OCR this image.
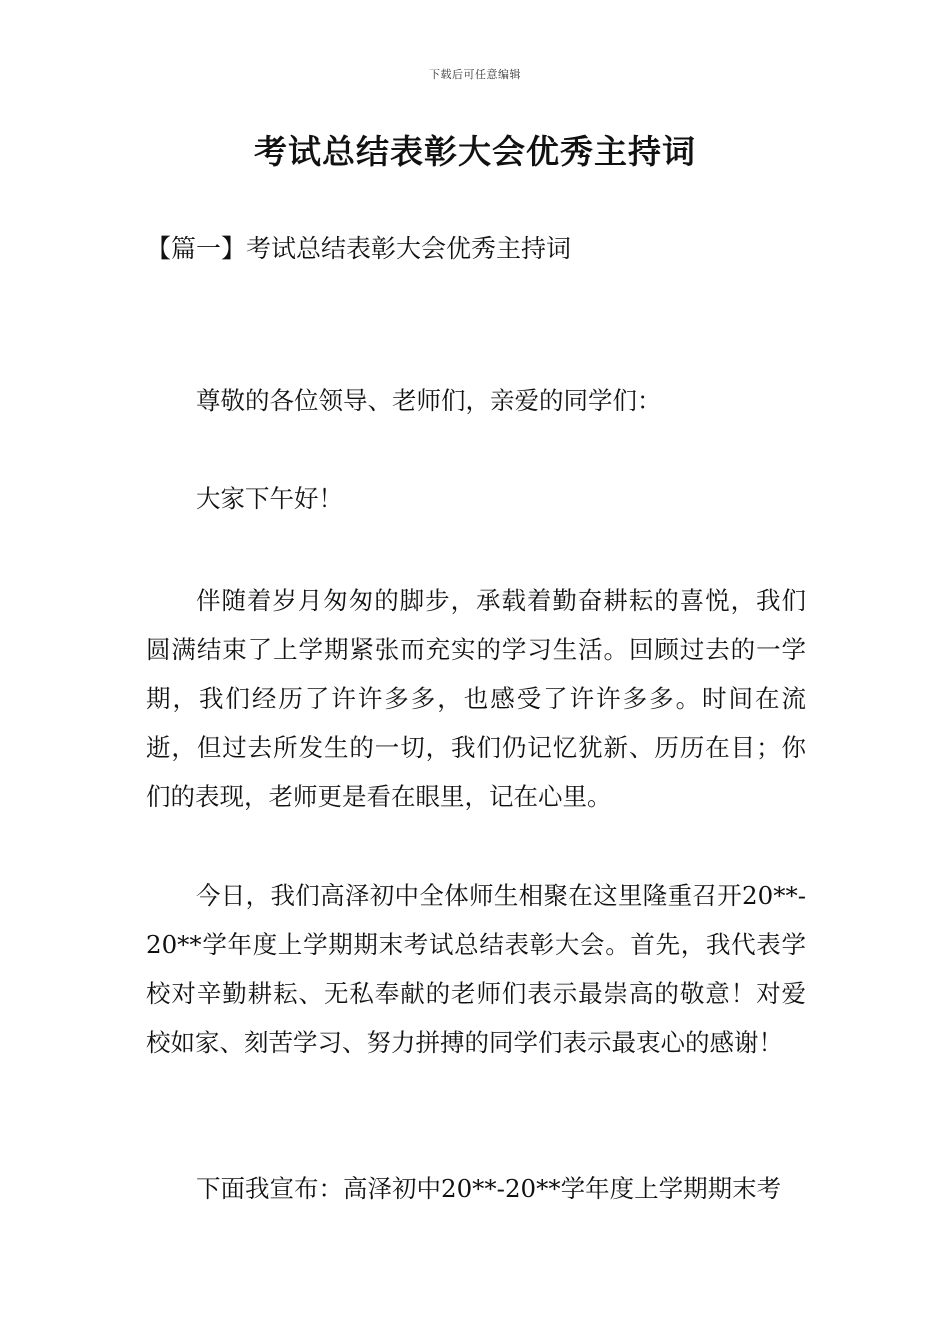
下载后可任意编辑
考试总结表彰大会优秀主持词
【篇一】考试总结表彰大会优秀主持词
尊敬的各位领导、老师们，亲爱的同学们：
大家下午好！
伴随着岁月匆匆的脚步，承载着勤奋耕耘的喜悦，我们圆满结束了上学期紧张而充实的学习生活。回顾过去的一学期，我们经历了许许多多，也感受了许许多多。时间在流逝，但过去所发生的一切，我们仍记忆犹新、历历在目；你们的表现，老师更是看在眼里，记在心里。
今日，我们高泽初中全体师生相聚在这里隆重召开20**-20**学年度上学期期末考试总结表彰大会。首先，我代表学校对辛勤耕耘、无私奉献的老师们表示最崇高的敬意！对爱校如家、刻苦学习、努力拼搏的同学们表示最衷心的感谢！
下面我宣布：高泽初中20**-20**学年度上学期期末考
